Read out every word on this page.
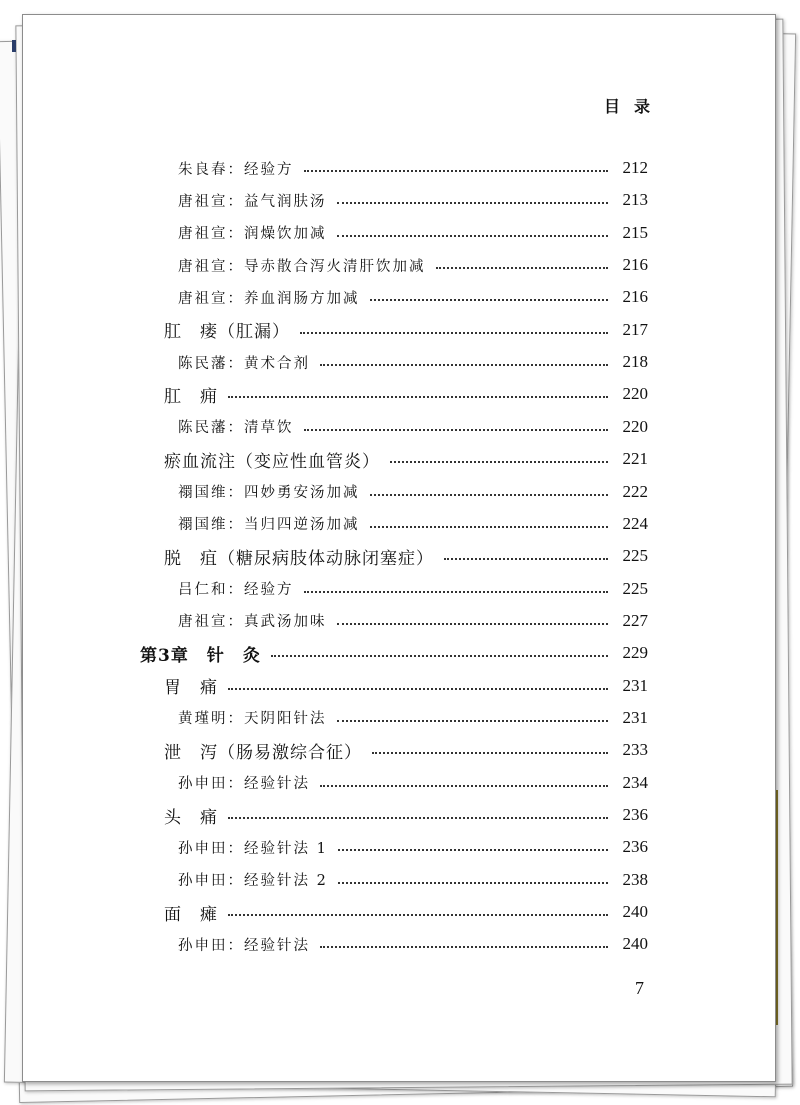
目录
朱良春：经验方	212
唐祖宣：益气润肤汤	213
唐祖宣：润燥饮加减	215
唐祖宣：导赤散合泻火清肝饮加减	216
唐祖宣：养血润肠方加减	216
肛　瘘（肛漏）	217
陈民藩：黄术合剂	218
肛　痈	220
陈民藩：清草饮	220
瘀血流注（变应性血管炎）	221
禤国维：四妙勇安汤加减	222
禤国维：当归四逆汤加减	224
脱　疽（糖尿病肢体动脉闭塞症）	225
吕仁和：经验方	225
唐祖宣：真武汤加味	227
第3章　针　灸	229
胃　痛	231
黄瑾明：天阴阳针法	231
泄　泻（肠易激综合征）	233
孙申田：经验针法	234
头　痛	236
孙申田：经验针法 1	236
孙申田：经验针法 2	238
面　瘫	240
孙申田：经验针法	240
7
